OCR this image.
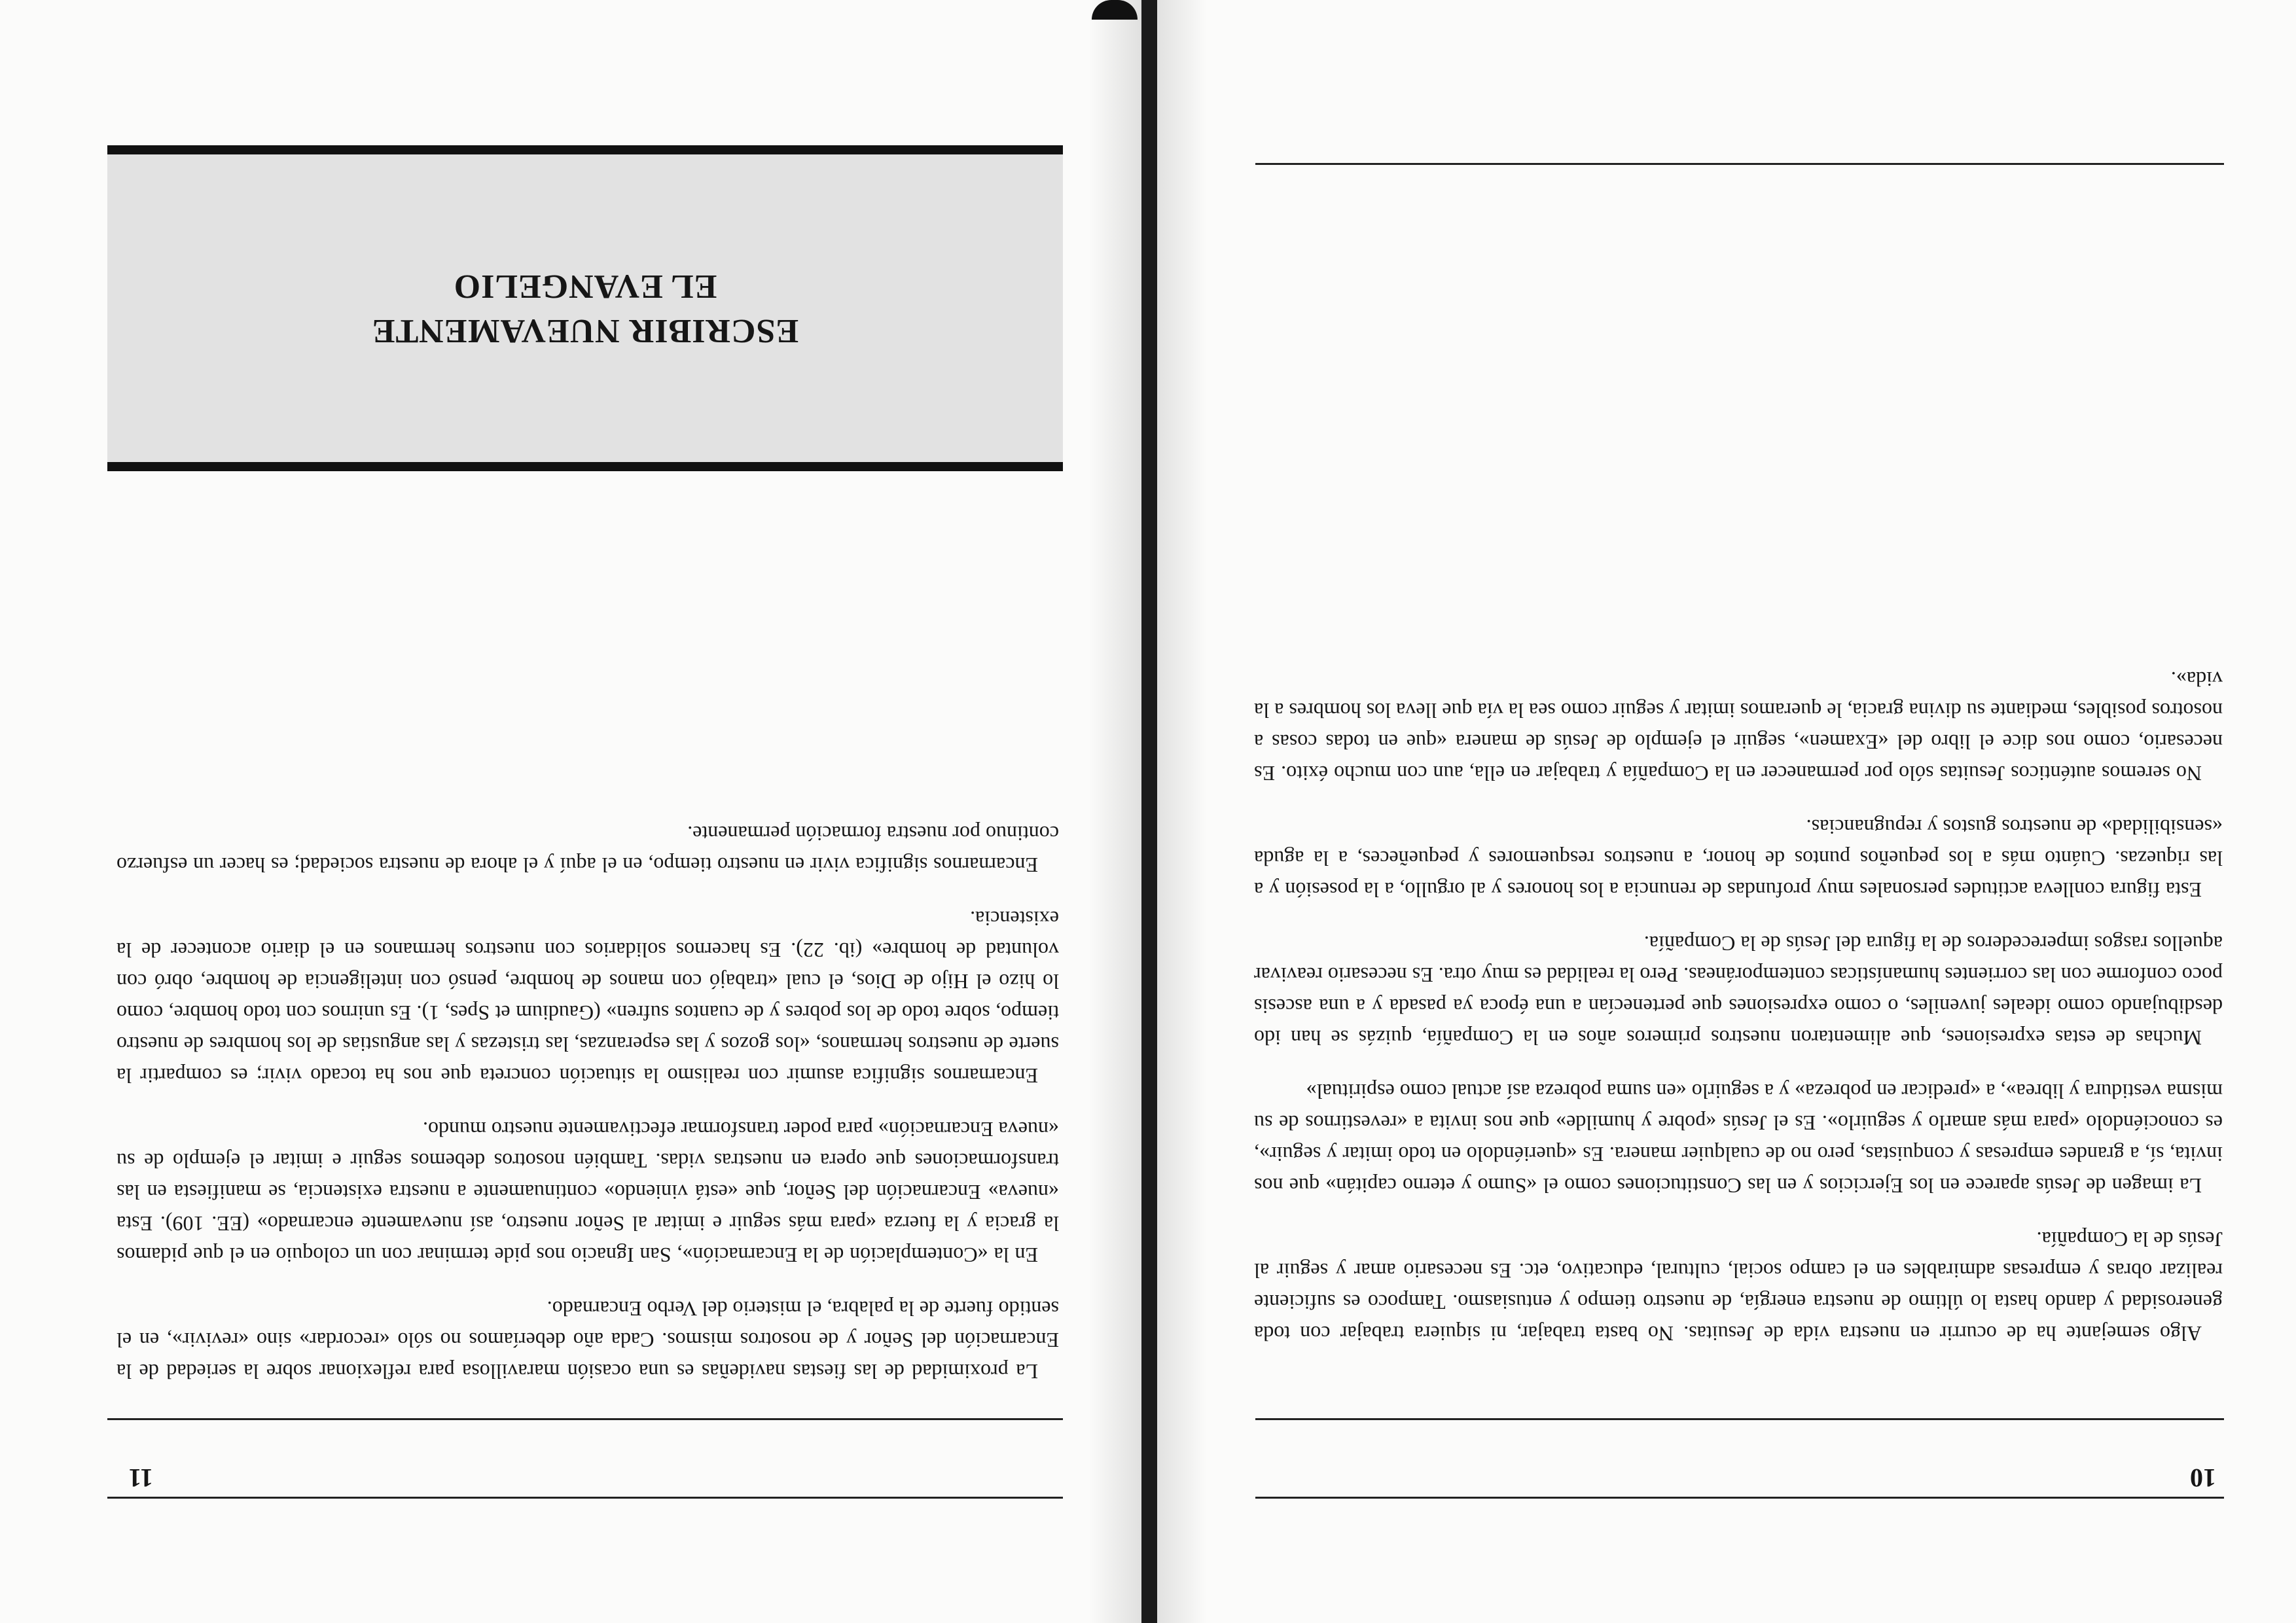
10

Algo semejante ha de ocurrir en nuestra vida de Jesuitas. No basta trabajar, ni siquiera trabajar con toda generosidad y dando hasta lo último de nuestra energía, de nuestro tiempo y entusiasmo. Tampoco es suficiente realizar obras y empresas admirables en el campo social, cultural, educativo, etc. Es necesario amar y seguir al Jesús de la Compañía.

La imagen de Jesús aparece en los Ejercicios y en las Constituciones como el «Sumo y eterno capitán» que nos invita, sí, a grandes empresas y conquistas, pero no de cualquier manera. Es «queriéndolo en todo imitar y seguir», es conociéndolo «para más amarlo y seguirlo». Es el Jesús «pobre y humilde» que nos invita a «revestirnos de su misma vestidura y librea», a «predicar en pobreza» y a seguirlo «en suma pobreza así actual como espiritual»

Muchas de estas expresiones, que alimentaron nuestros primeros años en la Compañía, quizás se han ido desdibujando como ideales juveniles, o como expresiones que pertenecían a una época ya pasada y a una ascesis poco conforme con las corrientes humanísticas contemporáneas. Pero la realidad es muy otra. Es necesario reavivar aquellos rasgos imperecederos de la figura del Jesús de la Compañía.

Esta figura conlleva actitudes personales muy profundas de renuncia a los honores y al orgullo, a la posesión y a las riquezas. Cuánto más a los pequeños puntos de honor, a nuestros resquemores y pequeñeces, a la aguda «sensibilidad» de nuestros gustos y repugnancias.

No seremos auténticos Jesuitas sólo por permanecer en la Compañía y trabajar en ella, aun con mucho éxito. Es necesario, como nos dice el libro del «Examen», seguir el ejemplo de Jesús de manera «que en todas cosas a nosotros posibles, mediante su divina gracia, le queramos imitar y seguir como sea la vía que lleva los hombres a la vida».

11
ESCRIBIR NUEVAMENTE
EL EVANGELIO

La proximidad de las fiestas navideñas es una ocasión maravillosa para reflexionar sobre la seriedad de la Encarnación del Señor y de nosotros mismos. Cada año deberíamos no sólo «recordar» sino «revivir», en el sentido fuerte de la palabra, el misterio del Verbo Encarnado.

En la «Contemplación de la Encarnación», San Ignacio nos pide terminar con un coloquio en el que pidamos la gracia y la fuerza «para más seguir e imitar al Señor nuestro, así nuevamente encarnado» (EE. 109). Esta «nueva» Encarnación del Señor, que «está viniendo» continuamente a nuestra existencia, se manifiesta en las transformaciones que opera en nuestras vidas. También nosotros debemos seguir e imitar el ejemplo de su «nueva Encarnación» para poder transformar efectivamente nuestro mundo.

Encarnarnos significa asumir con realismo la situación concreta que nos ha tocado vivir; es compartir la suerte de nuestros hermanos, «los gozos y las esperanzas, las tristezas y las angustias de los hombres de nuestro tiempo, sobre todo de los pobres y de cuantos sufren» (Gaudium et Spes, 1). Es unirnos con todo hombre, como lo hizo el Hijo de Dios, el cual «trabajó con manos de hombre, pensó con inteligencia de hombre, obró con voluntad de hombre» (ib. 22). Es hacernos solidarios con nuestros hermanos en el diario acontecer de la existencia.

Encarnarnos significa vivir en nuestro tiempo, en el aquí y el ahora de nuestra sociedad; es hacer un esfuerzo continuo por nuestra formación permanente.
